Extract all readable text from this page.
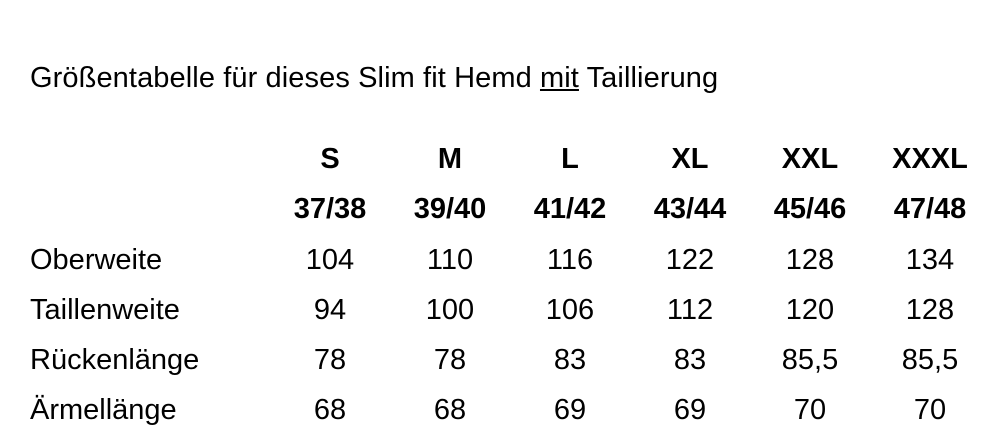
Größentabelle für dieses Slim fit Hemd mit Taillierung
	S	M	L	XL	XXL	XXXL
	37/38	39/40	41/42	43/44	45/46	47/48
Oberweite	104	110	116	122	128	134
Taillenweite	94	100	106	112	120	128
Rückenlänge	78	78	83	83	85,5	85,5
Ärmellänge	68	68	69	69	70	70
